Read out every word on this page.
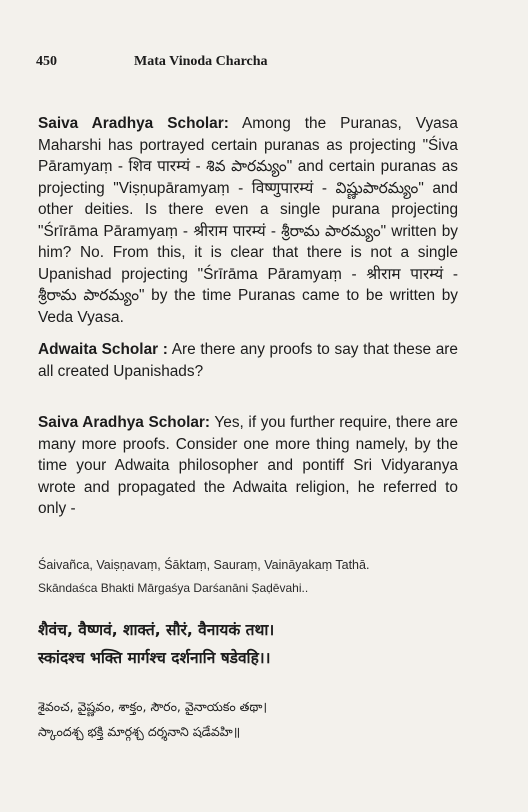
450	Mata Vinoda Charcha
Saiva Aradhya Scholar: Among the Puranas, Vyasa Maharshi has portrayed certain puranas as projecting "Śiva Pāramyaṃ - शिव पारम्यं - శివ పారమ్యం" and certain puranas as projecting "Viṣṇupāramyaṃ - विष्णुपारम्यं - విష్ణుపారమ్యం" and other deities. Is there even a single purana projecting "Śrīrāma Pāramyaṃ - श्रीराम पारम्यं - శ్రీరామ పారమ్యం" written by him? No. From this, it is clear that there is not a single Upanishad projecting "Śrīrāma Pāramyaṃ - श्रीराम पारम्यं - శ్రీరామ పారమ్యం" by the time Puranas came to be written by Veda Vyasa.
Adwaita Scholar : Are there any proofs to say that these are all created Upanishads?
Saiva Aradhya Scholar: Yes, if you further require, there are many more proofs. Consider one more thing namely, by the time your Adwaita philosopher and pontiff Sri Vidyaranya wrote and propagated the Adwaita religion, he referred to only -
Śaivañca, Vaiṣṇavaṃ, Śāktaṃ, Sauraṃ, Vaināyakaṃ Tathā.
Skāndaśca Bhakti Mārgaśya Darśanāni Ṣaḍēvahi..
शैवंच, वैष्णवं, शाक्तं, सौरं, वैनायकं तथा।
स्कांदश्च भक्ति मार्गश्च दर्शनानि षडेवहि।।
శైవంచ, వైష్ణవం, శాక్తం, సౌరం, వైనాయకం తథా।
స్కాందశ్చ భక్తి మార్గశ్చ దర్శనాని షడేవహి॥
